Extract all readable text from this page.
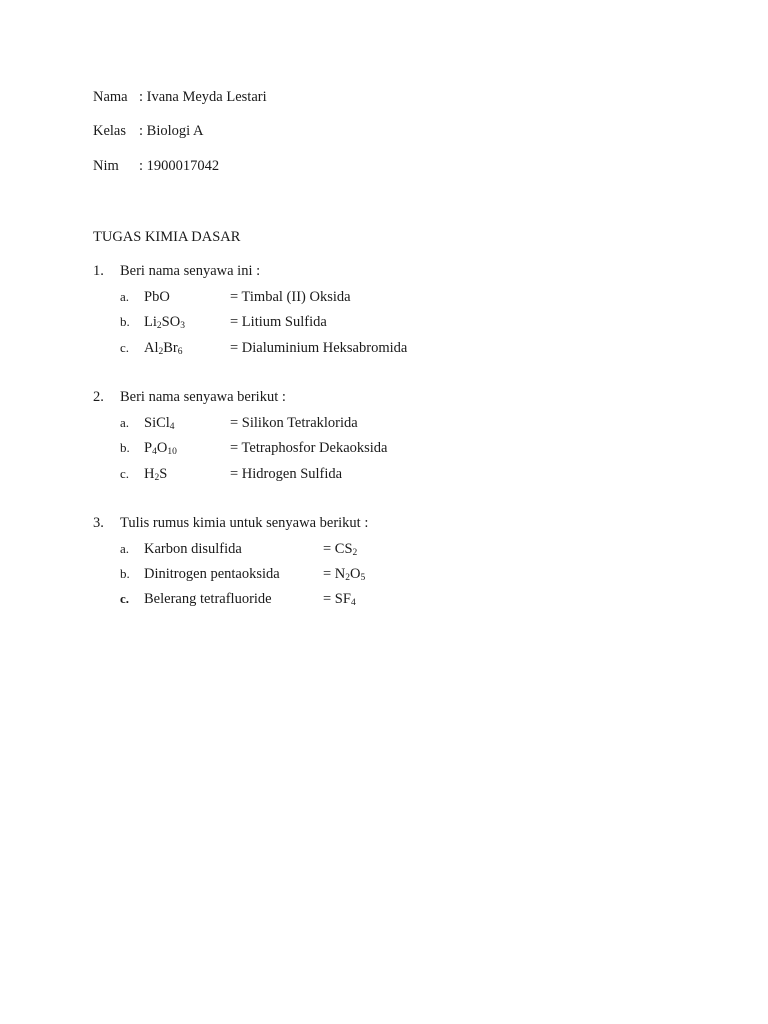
Nama : Ivana Meyda Lestari
Kelas : Biologi A
Nim : 1900017042
TUGAS KIMIA DASAR
1. Beri nama senyawa ini :
a. PbO	= Timbal (II) Oksida
b. Li2SO3	= Litium Sulfida
c. Al2Br6	= Dialuminium Heksabromida
2. Beri nama senyawa berikut :
a. SiCl4	= Silikon Tetraklorida
b. P4O10	= Tetraphosfor Dekaoksida
c. H2S	= Hidrogen Sulfida
3. Tulis rumus kimia untuk senyawa berikut :
a. Karbon disulfida	= CS2
b. Dinitrogen pentaoksida	= N2O5
c. Belerang tetrafluoride	= SF4
